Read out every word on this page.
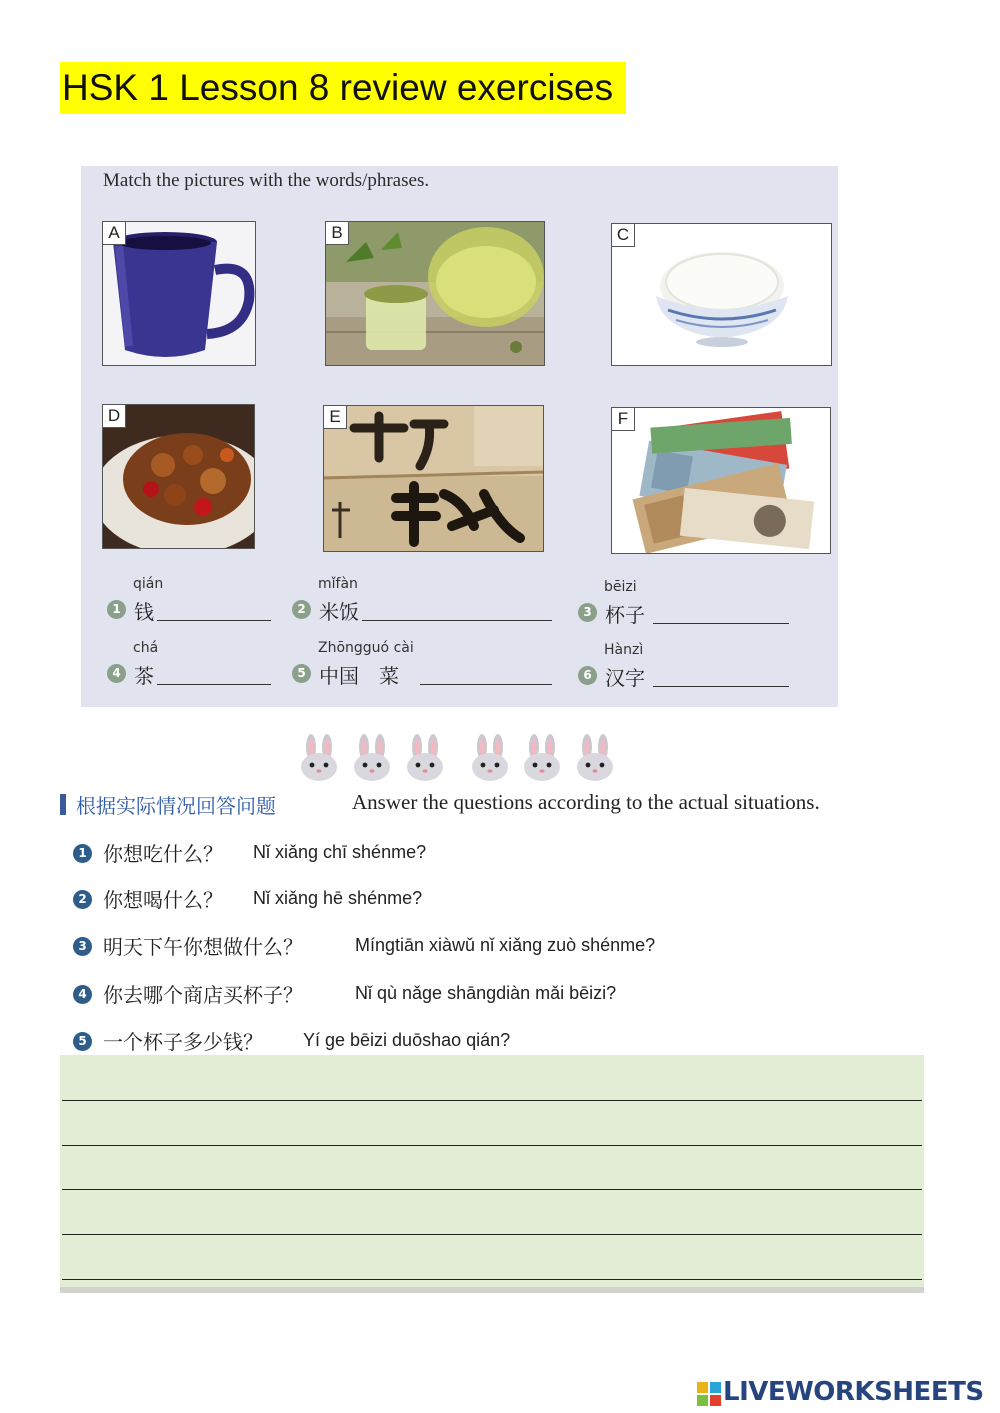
HSK 1 Lesson 8 review exercises
Match the pictures with the words/phrases.
A	B	C
D	E	F
qián
1 钱
mǐfàn
2 米饭
bēizi
3 杯子
chá
4 茶
Zhōngguó cài
5 中国　菜
Hànzì
6 汉字
根据实际情况回答问题	Answer the questions according to the actual situations.
1 你想吃什么？ Nǐ xiǎng chī shénme?
2 你想喝什么？ Nǐ xiǎng hē shénme?
3 明天下午你想做什么？	Míngtiān xiàwǔ nǐ xiǎng zuò shénme?
4 你去哪个商店买杯子？	Nǐ qù nǎge shāngdiàn mǎi bēizi?
5 一个杯子多少钱？ Yí ge bēizi duōshao qián?
LIVEWORKSHEETS
